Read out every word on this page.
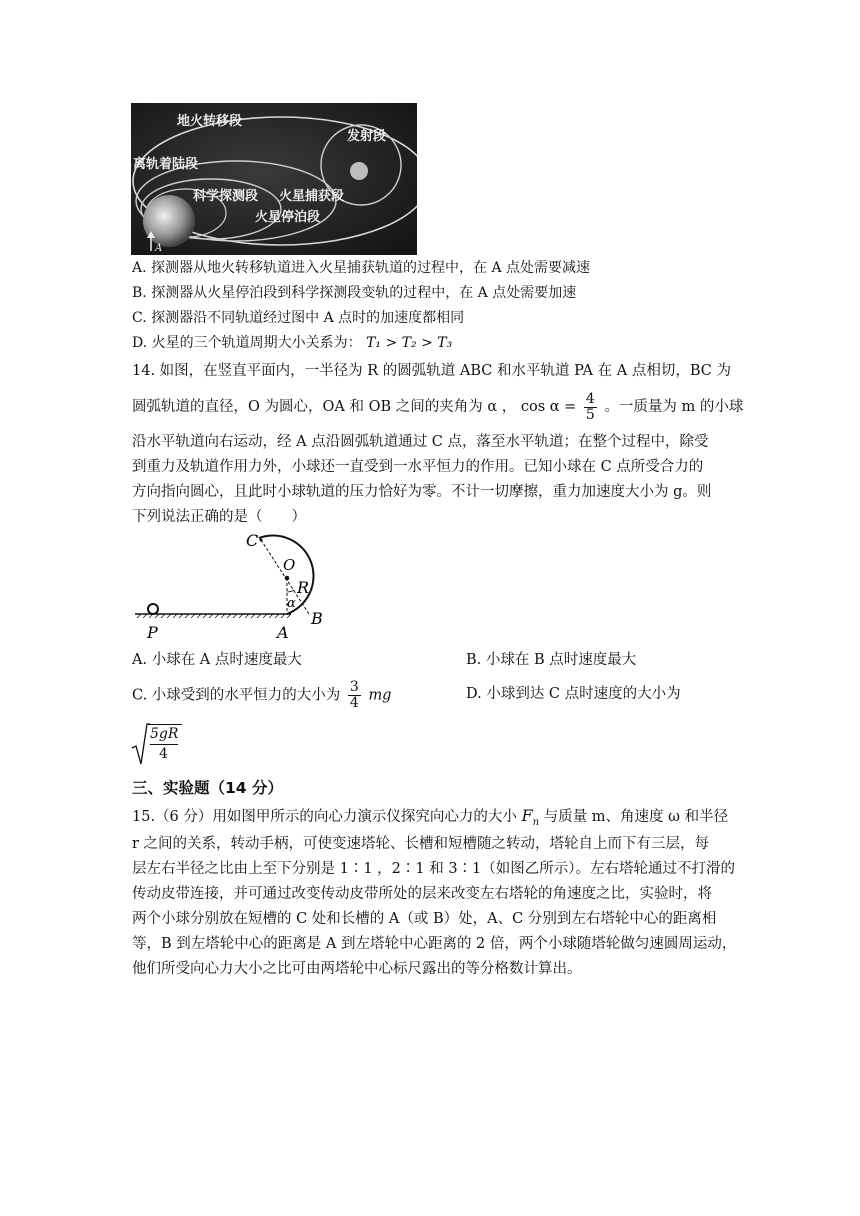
A
地火转移段
发射段
离轨着陆段
科学探测段 火星捕获段
火星停泊段
A. 探测器从地火转移轨道进入火星捕获轨道的过程中，在 A 点处需要减速
B. 探测器从火星停泊段到科学探测段变轨的过程中，在 A 点处需要加速
C. 探测器沿不同轨道经过图中 A 点时的加速度都相同
D. 火星的三个轨道周期大小关系为： T₁ > T₂ > T₃
14. 如图，在竖直平面内，一半径为 R 的圆弧轨道 ABC 和水平轨道 PA 在 A 点相切，BC 为
圆弧轨道的直径，O 为圆心，OA 和 OB 之间的夹角为 α ， $\cos \alpha = \frac{4}{5}$ 。一质量为 m 的小球
沿水平轨道向右运动，经 A 点沿圆弧轨道通过 C 点，落至水平轨道；在整个过程中，除受
到重力及轨道作用力外，小球还一直受到一水平恒力的作用。已知小球在 C 点所受合力的
方向指向圆心，且此时小球轨道的压力恰好为零。不计一切摩擦，重力加速度大小为 g。则
下列说法正确的是（　　）
C
O
R
α
P	A
B
A. 小球在 A 点时速度最大	B. 小球在 B 点时速度最大
C. 小球受到的水平恒力的大小为 $\frac{3}{4}$ mg	D. 小球到达 C 点时速度的大小为
5gR
4
三、实验题（14 分）
15.（6 分）用如图甲所示的向心力演示仪探究向心力的大小 $F_n$ 与质量 m、角速度 ω 和半径
r 之间的关系，转动手柄，可使变速塔轮、长槽和短槽随之转动，塔轮自上而下有三层，每
层左右半径之比由上至下分别是 1∶1 ，2∶1 和 3∶1（如图乙所示）。左右塔轮通过不打滑的
传动皮带连接，并可通过改变传动皮带所处的层来改变左右塔轮的角速度之比，实验时，将
两个小球分别放在短槽的 C 处和长槽的 A（或 B）处，A、C 分别到左右塔轮中心的距离相
等，B 到左塔轮中心的距离是 A 到左塔轮中心距离的 2 倍，两个小球随塔轮做匀速圆周运动，
他们所受向心力大小之比可由两塔轮中心标尺露出的等分格数计算出。
